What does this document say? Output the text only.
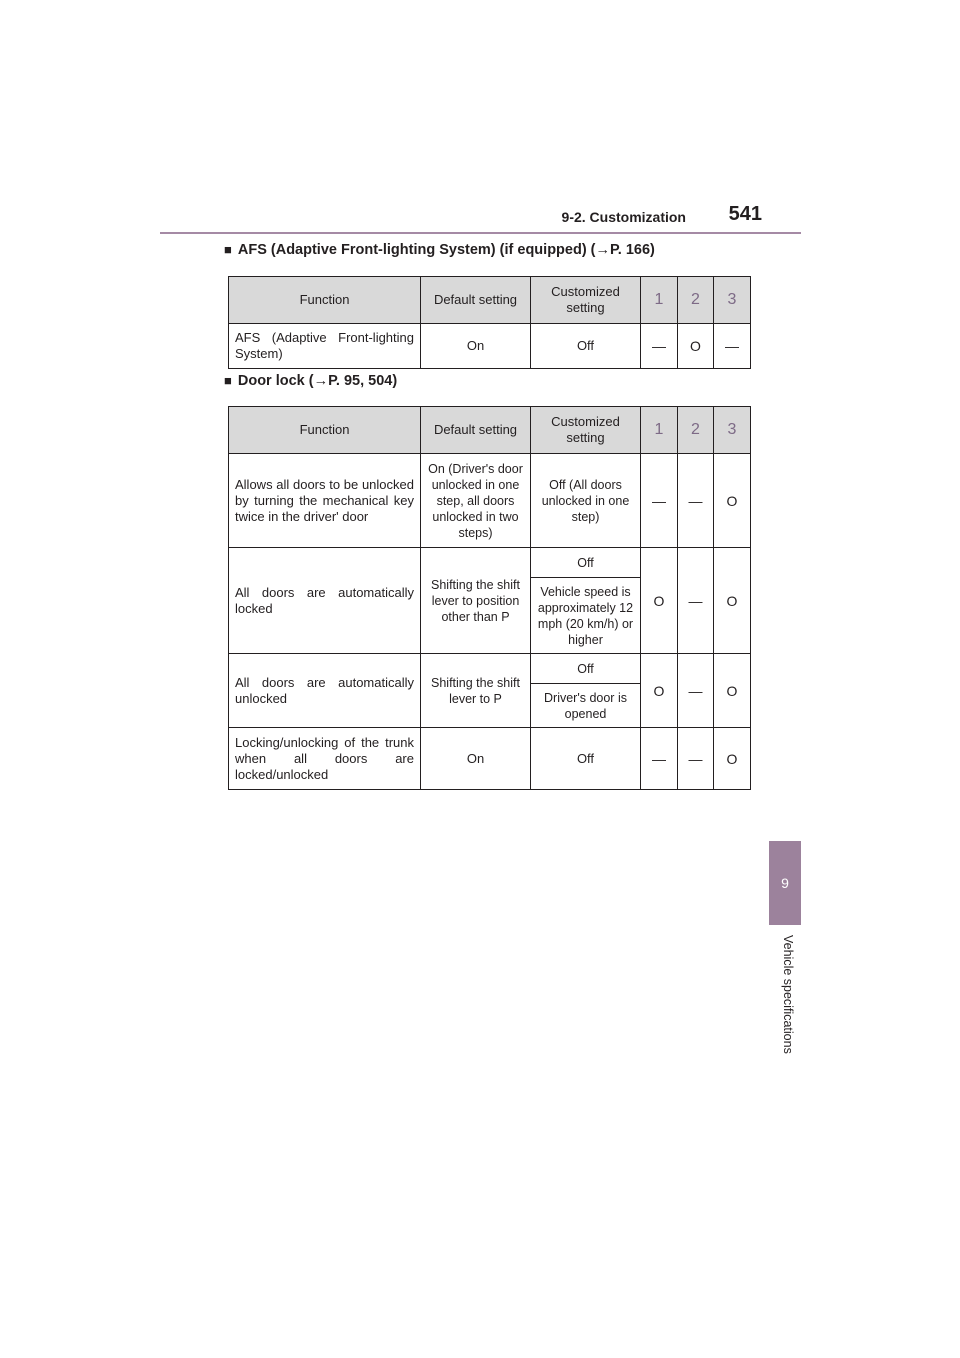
9-2. Customization	541
9
Vehicle specifications
■ AFS (Adaptive Front-lighting System) (if equipped) (→P. 166)
Function	Default setting	Customized setting	1	2	3
AFS (Adaptive Front-lighting System)	On	Off	—	O	—
■ Door lock (→P. 95, 504)
Function	Default setting	Customized setting	1	2	3
Allows all doors to be unlocked by turning the mechanical key twice in the driver' door	On (Driver's door unlocked in one step, all doors unlocked in two steps)	Off (All doors unlocked in one step)	—	—	O
All doors are automatically locked	Shifting the shift lever to position other than P	Off	O	—	O
		Vehicle speed is approximately 12 mph (20 km/h) or higher			
All doors are automatically unlocked	Shifting the shift lever to P	Off	O	—	O
		Driver's door is opened			
Locking/unlocking of the trunk when all doors are locked/unlocked	On	Off	—	—	O
